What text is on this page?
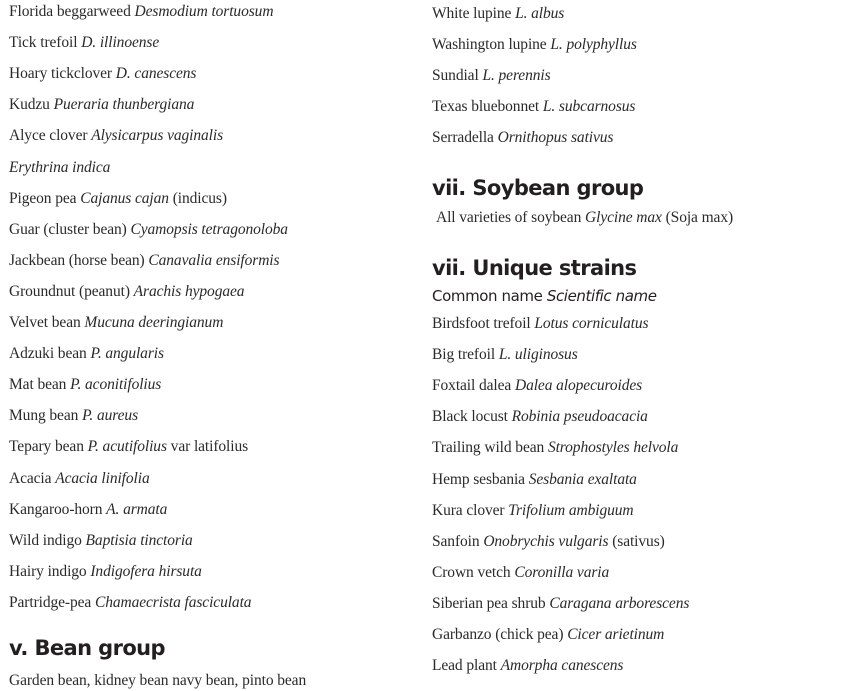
Florida beggarweed Desmodium tortuosum
Tick trefoil D. illinoense
Hoary tickclover D. canescens
Kudzu Pueraria thunbergiana
Alyce clover Alysicarpus vaginalis
Erythrina indica
Pigeon pea Cajanus cajan (indicus)
Guar (cluster bean) Cyamopsis tetragonoloba
Jackbean (horse bean) Canavalia ensiformis
Groundnut (peanut) Arachis hypogaea
Velvet bean Mucuna deeringianum
Adzuki bean P. angularis
Mat bean P. aconitifolius
Mung bean P. aureus
Tepary bean P. acutifolius var latifolius
Acacia Acacia linifolia
Kangaroo-horn A. armata
Wild indigo Baptisia tinctoria
Hairy indigo Indigofera hirsuta
Partridge-pea Chamaecrista fasciculata
v. Bean group
Garden bean, kidney bean navy bean, pinto bean
White lupine L. albus
Washington lupine L. polyphyllus
Sundial L. perennis
Texas bluebonnet L. subcarnosus
Serradella Ornithopus sativus
vii. Soybean group
All varieties of soybean Glycine max (Soja max)
vii. Unique strains
Common name Scientific name
Birdsfoot trefoil Lotus corniculatus
Big trefoil L. uliginosus
Foxtail dalea Dalea alopecuroides
Black locust Robinia pseudoacacia
Trailing wild bean Strophostyles helvola
Hemp sesbania Sesbania exaltata
Kura clover Trifolium ambiguum
Sanfoin Onobrychis vulgaris (sativus)
Crown vetch Coronilla varia
Siberian pea shrub Caragana arborescens
Garbanzo (chick pea) Cicer arietinum
Lead plant Amorpha canescens
